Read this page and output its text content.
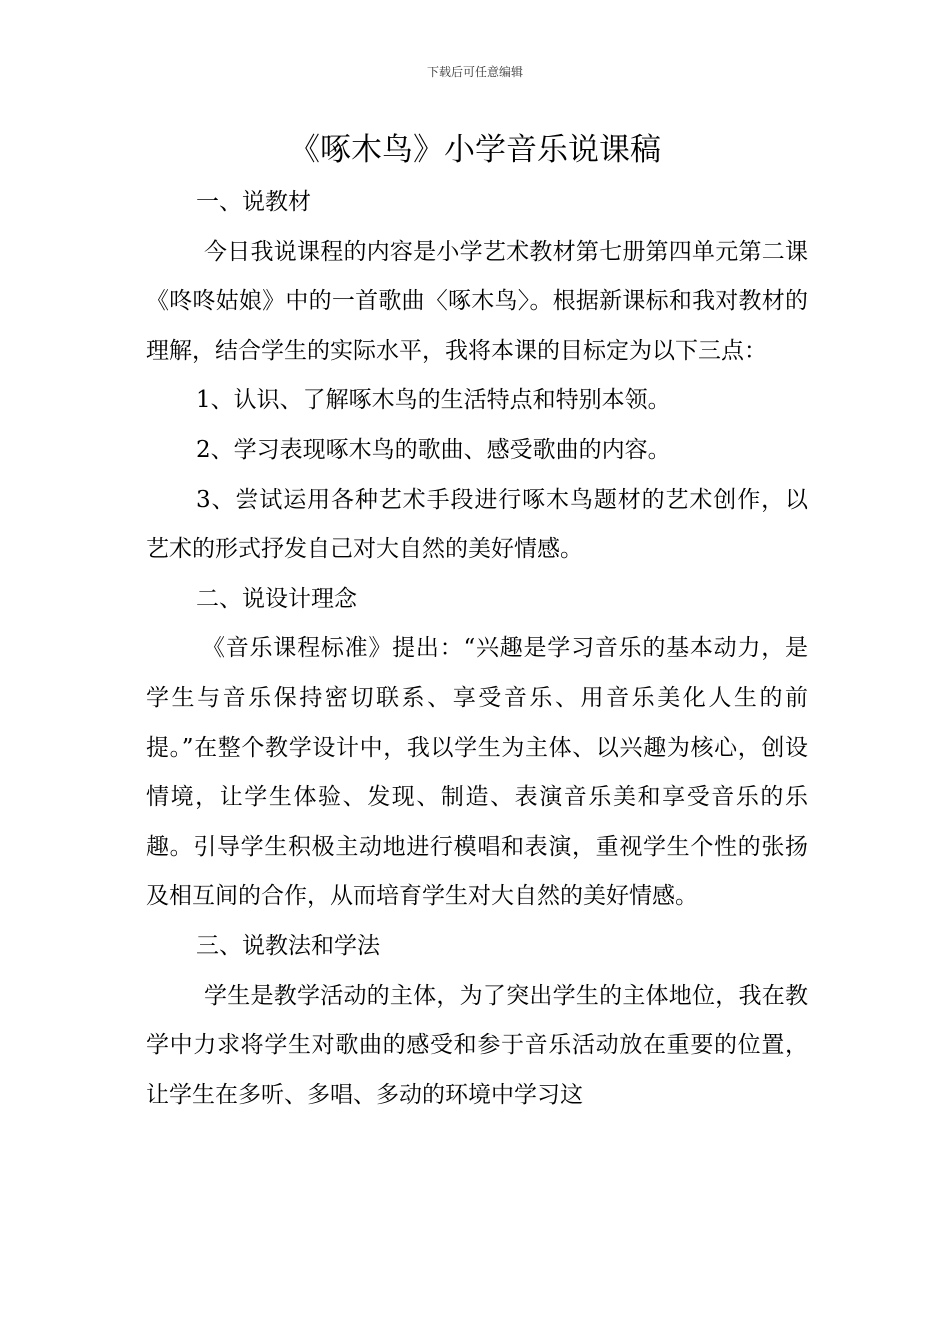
下载后可任意编辑
《啄木鸟》小学音乐说课稿

一、说教材

今日我说课程的内容是小学艺术教材第七册第四单元第二课《咚咚姑娘》中的一首歌曲〈啄木鸟〉。根据新课标和我对教材的理解，结合学生的实际水平，我将本课的目标定为以下三点：

1、认识、了解啄木鸟的生活特点和特别本领。

2、学习表现啄木鸟的歌曲、感受歌曲的内容。

3、尝试运用各种艺术手段进行啄木鸟题材的艺术创作，以艺术的形式抒发自己对大自然的美好情感。

二、说设计理念

《音乐课程标准》提出：“兴趣是学习音乐的基本动力，是学生与音乐保持密切联系、享受音乐、用音乐美化人生的前提。”在整个教学设计中，我以学生为主体、以兴趣为核心，创设情境，让学生体验、发现、制造、表演音乐美和享受音乐的乐趣。引导学生积极主动地进行模唱和表演，重视学生个性的张扬及相互间的合作，从而培育学生对大自然的美好情感。

三、说教法和学法

学生是教学活动的主体，为了突出学生的主体地位，我在教学中力求将学生对歌曲的感受和参于音乐活动放在重要的位置，让学生在多听、多唱、多动的环境中学习这
